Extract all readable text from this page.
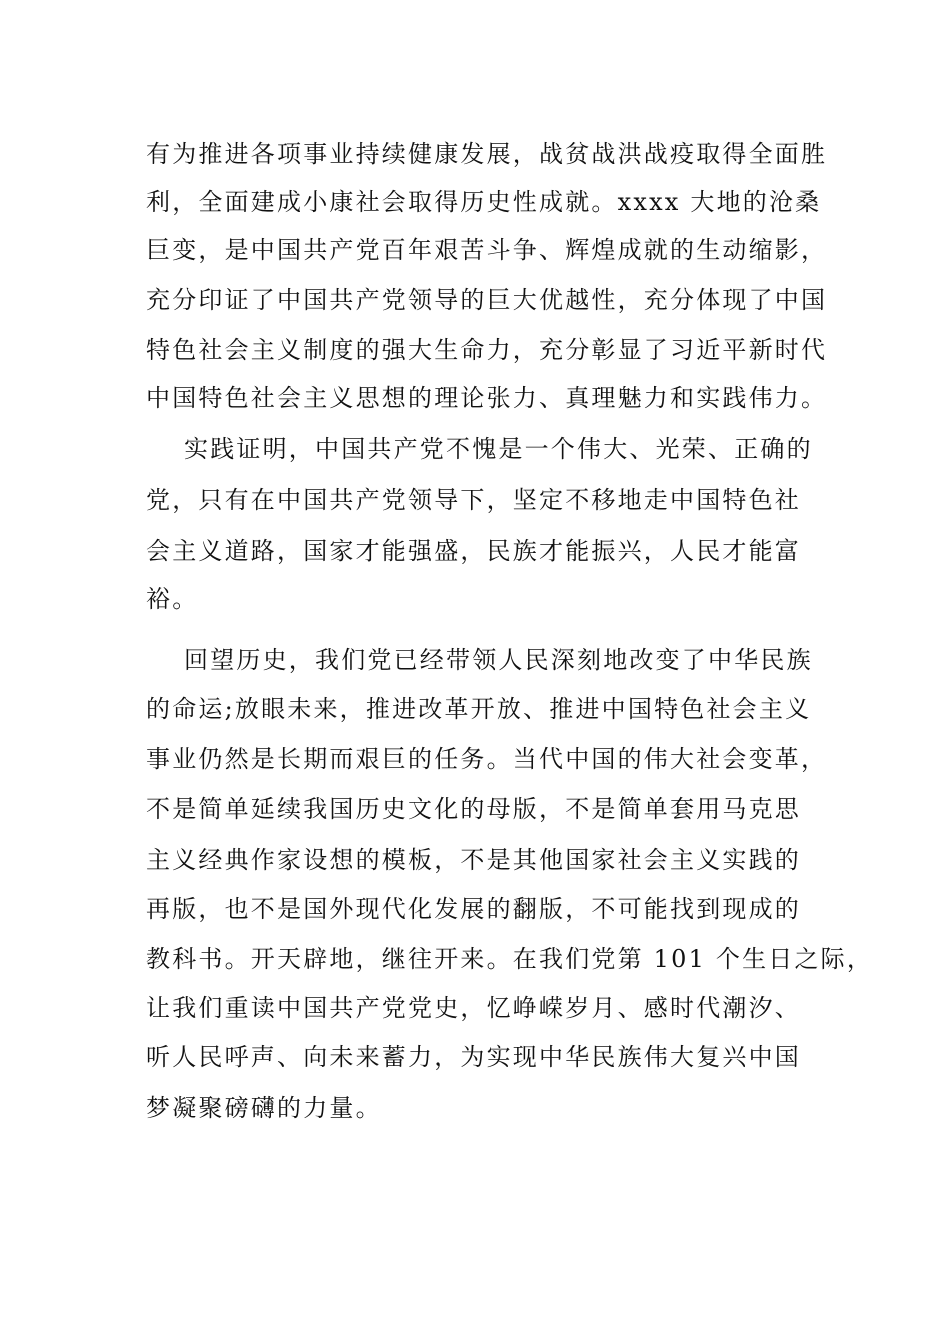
有为推进各项事业持续健康发展，战贫战洪战疫取得全面胜
利，全面建成小康社会取得历史性成就。xxxx 大地的沧桑
巨变，是中国共产党百年艰苦斗争、辉煌成就的生动缩影，
充分印证了中国共产党领导的巨大优越性，充分体现了中国
特色社会主义制度的强大生命力，充分彰显了习近平新时代
中国特色社会主义思想的理论张力、真理魅力和实践伟力。
实践证明，中国共产党不愧是一个伟大、光荣、正确的
党，只有在中国共产党领导下，坚定不移地走中国特色社
会主义道路，国家才能强盛，民族才能振兴，人民才能富
裕。
回望历史，我们党已经带领人民深刻地改变了中华民族
的命运;放眼未来，推进改革开放、推进中国特色社会主义
事业仍然是长期而艰巨的任务。当代中国的伟大社会变革，
不是简单延续我国历史文化的母版，不是简单套用马克思
主义经典作家设想的模板，不是其他国家社会主义实践的
再版，也不是国外现代化发展的翻版，不可能找到现成的
教科书。开天辟地，继往开来。在我们党第 101 个生日之际，
让我们重读中国共产党党史，忆峥嵘岁月、感时代潮汐、
听人民呼声、向未来蓄力，为实现中华民族伟大复兴中国
梦凝聚磅礴的力量。
